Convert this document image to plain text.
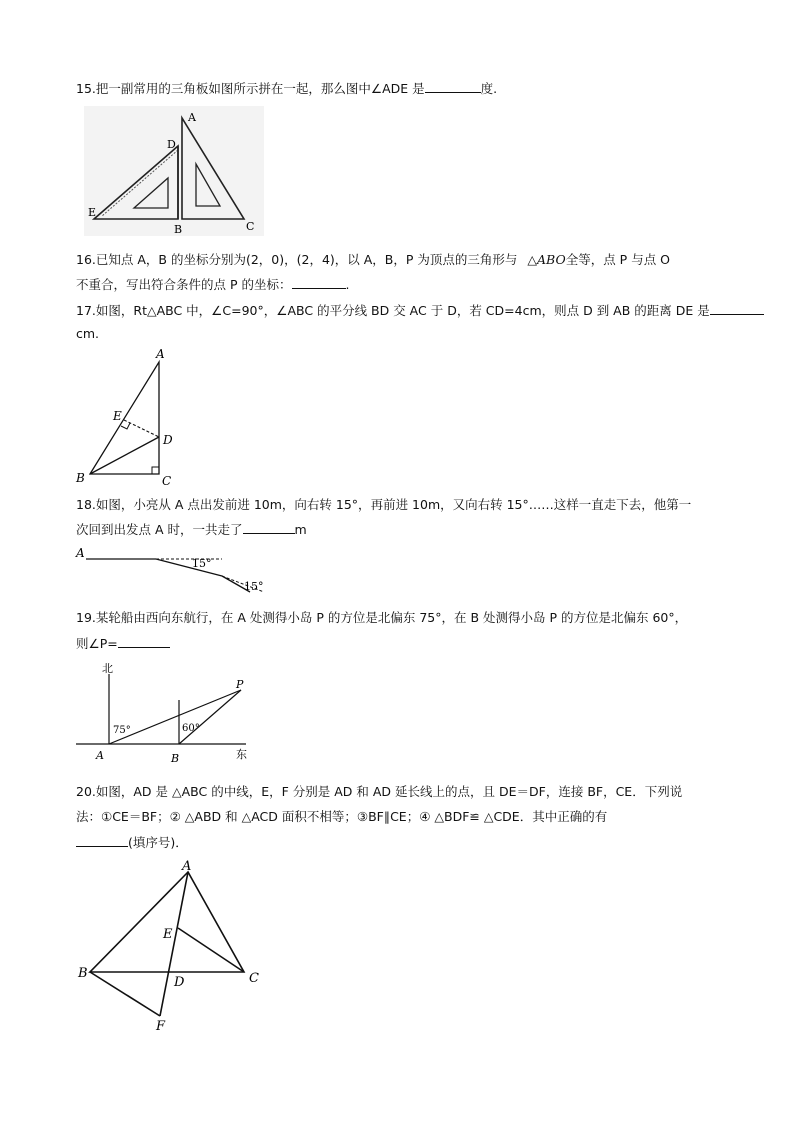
15.把一副常用的三角板如图所示拼在一起，那么图中∠ADE 是	度.
A
D
E
B	C
16.已知点 A，B 的坐标分别为(2，0)，(2，4)，以 A，B，P 为顶点的三角形与 △ABO全等，点 P 与点 O
不重合，写出符合条件的点 P 的坐标：	.
17.如图，Rt△ABC 中，∠C=90°，∠ABC 的平分线 BD 交 AC 于 D，若 CD=4cm，则点 D 到 AB 的距离 DE 是
cm.
A
E
D
B	C
18.如图，小亮从 A 点出发前进 10m，向右转 15°，再前进 10m，又向右转 15°……这样一直走下去，他第一
次回到出发点 A 时，一共走了	m
A
15°
15°
19.某轮船由西向东航行，在 A 处测得小岛 P 的方位是北偏东 75°，在 B 处测得小岛 P 的方位是北偏东 60°，
则∠P=
北
东
P
A	B
75°	60°
20.如图，AD 是 △ABC 的中线，E，F 分别是 AD 和 AD 延长线上的点，且 DE＝DF，连接 BF，CE．下列说
法：①CE＝BF；② △ABD 和 △ACD 面积不相等；③BF∥CE；④ △BDF≌ △CDE．其中正确的有
(填序号)．
A
E
B
D	C
F
